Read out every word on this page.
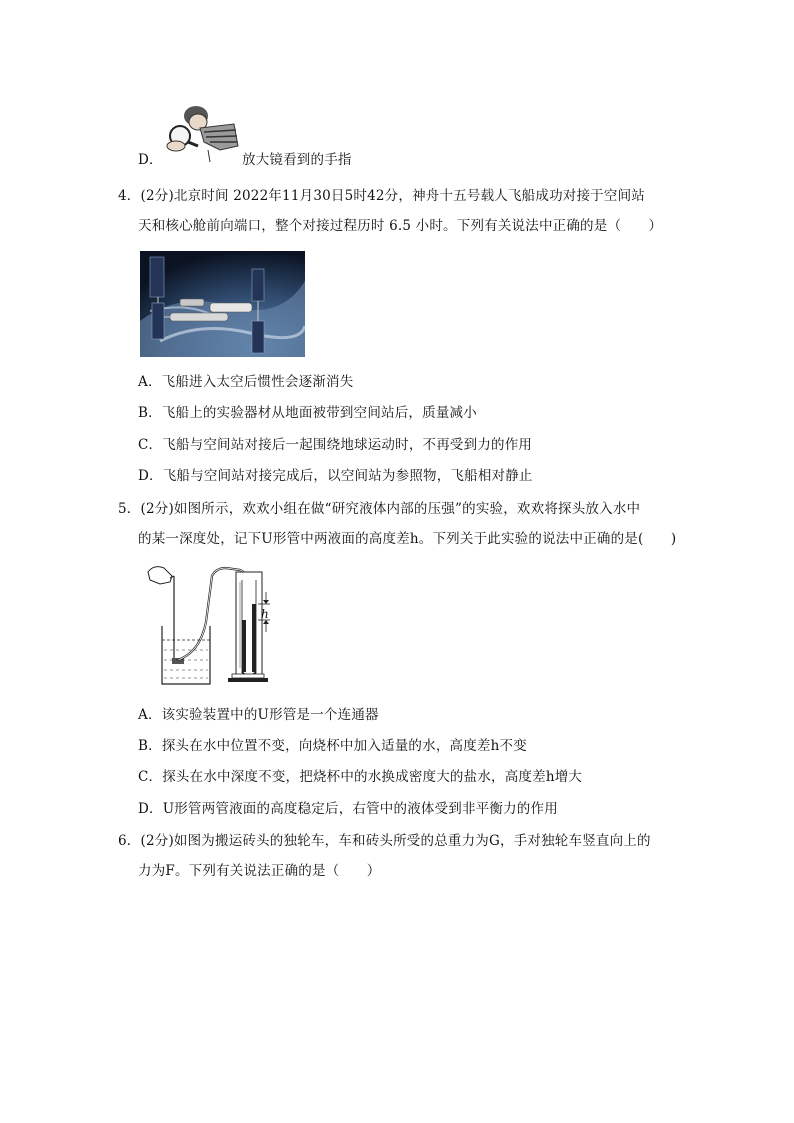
D．	放大镜看到的手指
4．(2分)北京时间 2022年11月30日5时42分，神舟十五号载人飞船成功对接于空间站
天和核心舱前向端口，整个对接过程历时 6.5 小时。下列有关说法中正确的是（　　）
A．飞船进入太空后惯性会逐渐消失
B．飞船上的实验器材从地面被带到空间站后，质量减小
C．飞船与空间站对接后一起围绕地球运动时，不再受到力的作用
D．飞船与空间站对接完成后，以空间站为参照物，飞船相对静止
5．(2分)如图所示，欢欢小组在做“研究液体内部的压强”的实验，欢欢将探头放入水中
的某一深度处，记下U形管中两液面的高度差h。下列关于此实验的说法中正确的是(　　)
h
A．该实验装置中的U形管是一个连通器
B．探头在水中位置不变，向烧杯中加入适量的水，高度差h不变
C．探头在水中深度不变，把烧杯中的水换成密度大的盐水，高度差h增大
D．U形管两管液面的高度稳定后，右管中的液体受到非平衡力的作用
6．(2分)如图为搬运砖头的独轮车，车和砖头所受的总重力为G，手对独轮车竖直向上的
力为F。下列有关说法正确的是（　　）
